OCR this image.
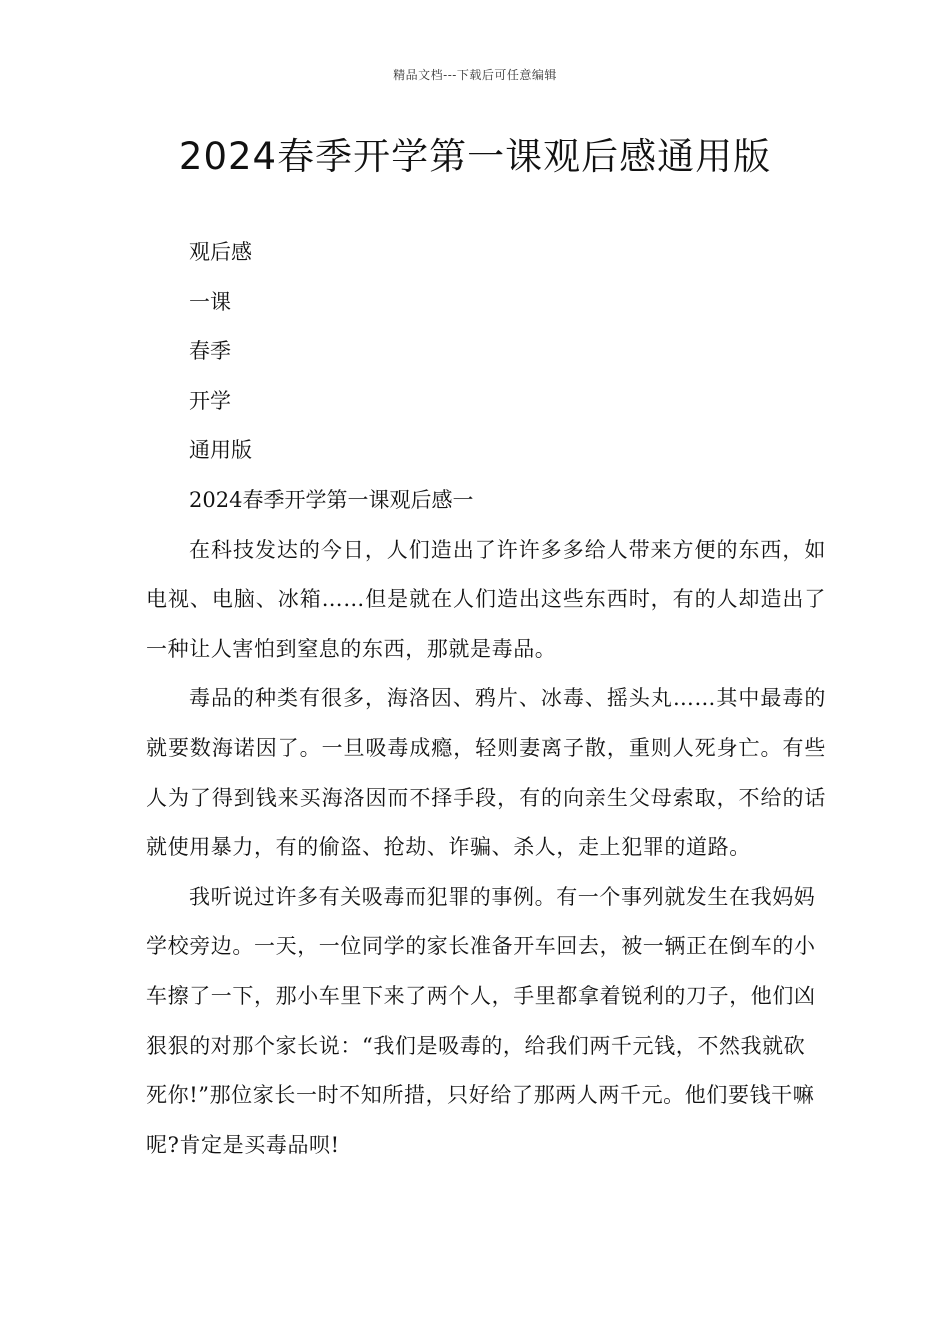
精品文档---下载后可任意编辑
2024春季开学第一课观后感通用版

观后感

一课

春季

开学

通用版

2024春季开学第一课观后感一

在科技发达的今日，人们造出了许许多多给人带来方便的东西，如电视、电脑、冰箱……但是就在人们造出这些东西时，有的人却造出了一种让人害怕到窒息的东西，那就是毒品。

毒品的种类有很多，海洛因、鸦片、冰毒、摇头丸……其中最毒的就要数海诺因了。一旦吸毒成瘾，轻则妻离子散，重则人死身亡。有些人为了得到钱来买海洛因而不择手段，有的向亲生父母索取，不给的话就使用暴力，有的偷盗、抢劫、诈骗、杀人，走上犯罪的道路。

我听说过许多有关吸毒而犯罪的事例。有一个事列就发生在我妈妈学校旁边。一天，一位同学的家长准备开车回去，被一辆正在倒车的小车擦了一下，那小车里下来了两个人，手里都拿着锐利的刀子，他们凶狠狠的对那个家长说：“我们是吸毒的，给我们两千元钱，不然我就砍死你!”那位家长一时不知所措，只好给了那两人两千元。他们要钱干嘛呢?肯定是买毒品呗!
